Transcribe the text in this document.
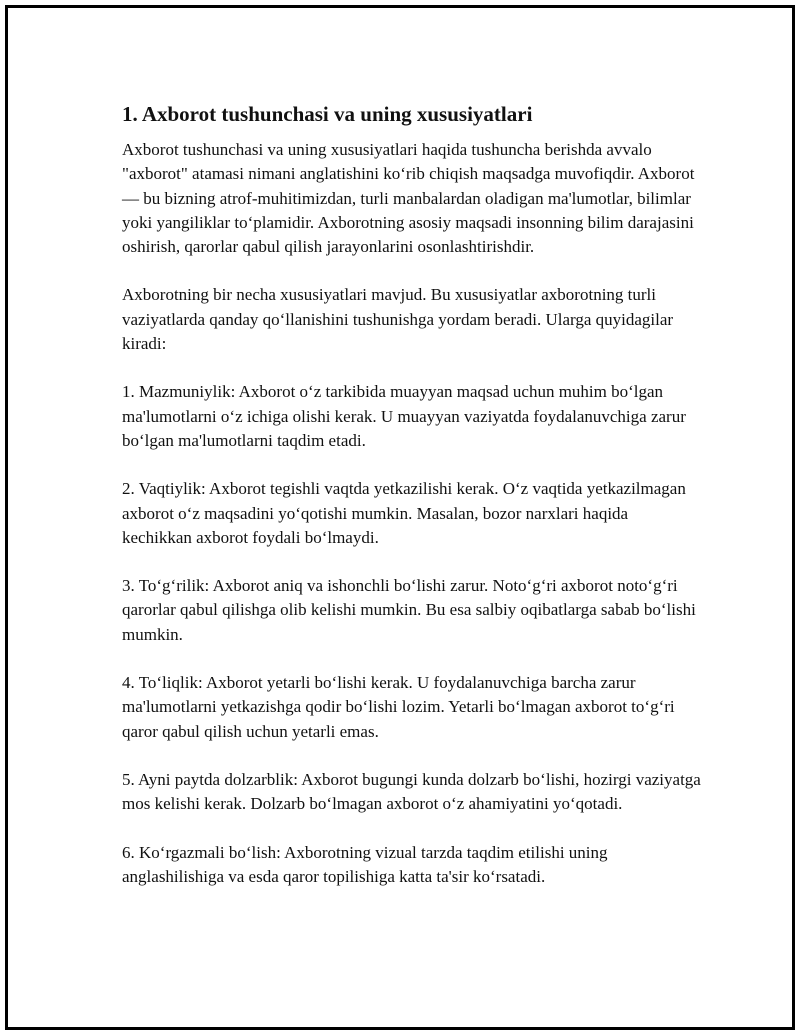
1. Axborot tushunchasi va uning xususiyatlari

Axborot tushunchasi va uning xususiyatlari haqida tushuncha berishda avvalo "axborot" atamasi nimani anglatishini ko‘rib chiqish maqsadga muvofiqdir. Axborot — bu bizning atrof-muhitimizdan, turli manbalardan oladigan ma'lumotlar, bilimlar yoki yangiliklar to‘plamidir. Axborotning asosiy maqsadi insonning bilim darajasini oshirish, qarorlar qabul qilish jarayonlarini osonlashtirishdir.

Axborotning bir necha xususiyatlari mavjud. Bu xususiyatlar axborotning turli vaziyatlarda qanday qo‘llanishini tushunishga yordam beradi. Ularga quyidagilar kiradi:

1. Mazmuniylik: Axborot o‘z tarkibida muayyan maqsad uchun muhim bo‘lgan ma'lumotlarni o‘z ichiga olishi kerak. U muayyan vaziyatda foydalanuvchiga zarur bo‘lgan ma'lumotlarni taqdim etadi.

2. Vaqtiylik: Axborot tegishli vaqtda yetkazilishi kerak. O‘z vaqtida yetkazilmagan axborot o‘z maqsadini yo‘qotishi mumkin. Masalan, bozor narxlari haqida kechikkan axborot foydali bo‘lmaydi.

3. To‘g‘rilik: Axborot aniq va ishonchli bo‘lishi zarur. Noto‘g‘ri axborot noto‘g‘ri qarorlar qabul qilishga olib kelishi mumkin. Bu esa salbiy oqibatlarga sabab bo‘lishi mumkin.

4. To‘liqlik: Axborot yetarli bo‘lishi kerak. U foydalanuvchiga barcha zarur ma'lumotlarni yetkazishga qodir bo‘lishi lozim. Yetarli bo‘lmagan axborot to‘g‘ri qaror qabul qilish uchun yetarli emas.

5. Ayni paytda dolzarblik: Axborot bugungi kunda dolzarb bo‘lishi, hozirgi vaziyatga mos kelishi kerak. Dolzarb bo‘lmagan axborot o‘z ahamiyatini yo‘qotadi.

6. Ko‘rgazmali bo‘lish: Axborotning vizual tarzda taqdim etilishi uning anglashilishiga va esda qaror topilishiga katta ta'sir ko‘rsatadi.
